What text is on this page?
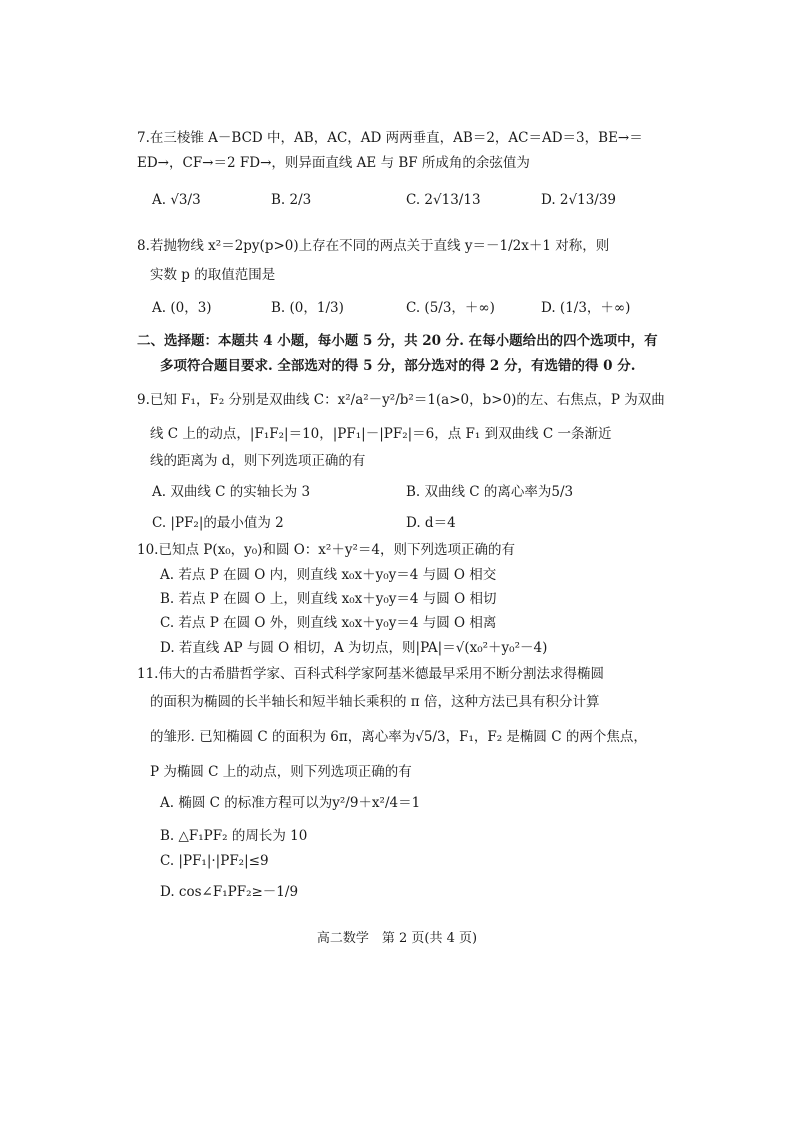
7.在三棱锥 A－BCD 中，AB，AC，AD 两两垂直，AB＝2，AC＝AD＝3，BE→＝
ED→，CF→＝2 FD→，则异面直线 AE 与 BF 所成角的余弦值为
A. √3/3	B. 2/3	C. 2√13/13	D. 2√13/39
8.若抛物线 x²＝2py(p>0)上存在不同的两点关于直线 y＝－1/2x＋1 对称，则
实数 p 的取值范围是
A. (0，3)	B. (0，1/3)	C. (5/3，＋∞)	D. (1/3，＋∞)
二、选择题：本题共 4 小题，每小题 5 分，共 20 分. 在每小题给出的四个选项中，有
多项符合题目要求. 全部选对的得 5 分，部分选对的得 2 分，有选错的得 0 分.
9.已知 F₁，F₂ 分别是双曲线 C：x²/a²－y²/b²＝1(a>0，b>0)的左、右焦点，P 为双曲
线 C 上的动点，|F₁F₂|＝10，|PF₁|－|PF₂|＝6，点 F₁ 到双曲线 C 一条渐近
线的距离为 d，则下列选项正确的有
A. 双曲线 C 的实轴长为 3	B. 双曲线 C 的离心率为5/3
C. |PF₂|的最小值为 2	D. d＝4
10.已知点 P(x₀，y₀)和圆 O：x²＋y²＝4，则下列选项正确的有
A. 若点 P 在圆 O 内，则直线 x₀x＋y₀y＝4 与圆 O 相交
B. 若点 P 在圆 O 上，则直线 x₀x＋y₀y＝4 与圆 O 相切
C. 若点 P 在圆 O 外，则直线 x₀x＋y₀y＝4 与圆 O 相离
D. 若直线 AP 与圆 O 相切，A 为切点，则|PA|＝√(x₀²＋y₀²－4)
11.伟大的古希腊哲学家、百科式科学家阿基米德最早采用不断分割法求得椭圆
的面积为椭圆的长半轴长和短半轴长乘积的 π 倍，这种方法已具有积分计算
的雏形. 已知椭圆 C 的面积为 6π，离心率为√5/3，F₁，F₂ 是椭圆 C 的两个焦点，
P 为椭圆 C 上的动点，则下列选项正确的有
A. 椭圆 C 的标准方程可以为y²/9＋x²/4＝1
B. △F₁PF₂ 的周长为 10
C. |PF₁|·|PF₂|≤9
D. cos∠F₁PF₂≥－1/9
高二数学　第 2 页(共 4 页)
